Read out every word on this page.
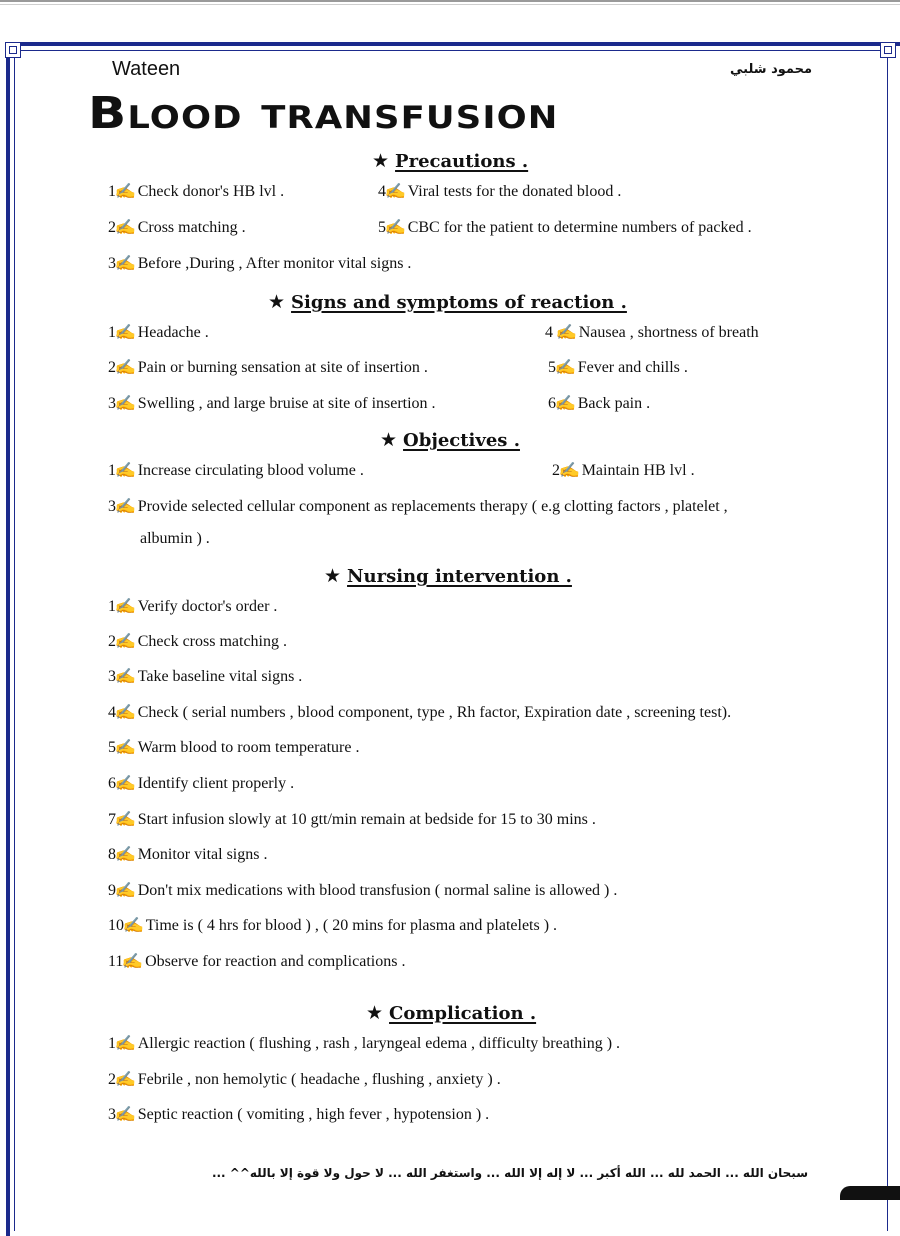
Wateen	محمود شلبي
Blood transfusion
★ Precautions .
1✍Check donor's HB lvl .	4✍Viral tests for the donated blood .
2✍Cross matching .	5✍CBC for the patient to determine numbers of packed .
3✍Before ,During , After monitor vital signs .
★ Signs and symptoms of reaction .
1✍Headache .	4 ✍Nausea , shortness of breath
2✍Pain or burning sensation at site of insertion .	5✍Fever and chills .
3✍Swelling , and large bruise at site of insertion .	6✍Back pain .
★ Objectives .
1✍Increase circulating blood volume .	2✍Maintain HB lvl .
3✍Provide selected cellular component as replacements therapy ( e.g clotting factors , platelet ,
albumin ) .
★ Nursing intervention .
1✍Verify doctor's order .
2✍Check cross matching .
3✍Take baseline vital signs .
4✍Check ( serial numbers , blood component, type , Rh factor, Expiration date , screening test).
5✍Warm blood to room temperature .
6✍Identify client properly .
7✍Start infusion slowly at 10 gtt/min remain at bedside for 15 to 30 mins .
8✍Monitor vital signs .
9✍Don't mix medications with blood transfusion ( normal saline is allowed ) .
10✍Time is ( 4 hrs for blood ) , ( 20 mins for plasma and platelets ) .
11✍Observe for reaction and complications .
★ Complication .
1✍Allergic reaction ( flushing , rash , laryngeal edema , difficulty breathing ) .
2✍Febrile , non hemolytic ( headache , flushing , anxiety ) .
3✍Septic reaction ( vomiting , high fever , hypotension ) .
سبحان الله ... الحمد لله ... الله أكبر ... لا إله إلا الله ... واستغفر الله ... لا حول ولا قوة إلا بالله^^ ...
